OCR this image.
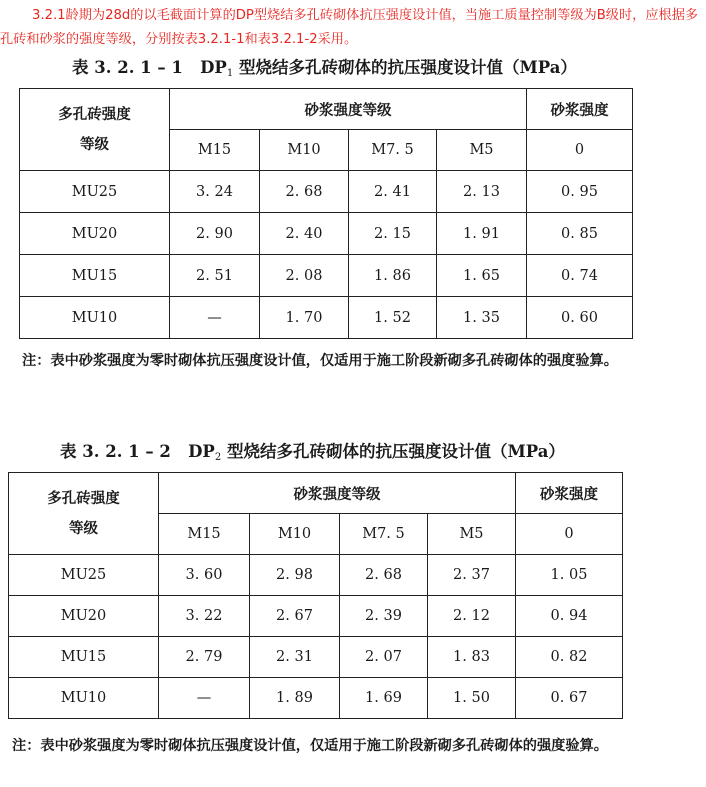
3.2.1龄期为28d的以毛截面计算的DP型烧结多孔砖砌体抗压强度设计值，当施工质量控制等级为B级时，应根据多孔砖和砂浆的强度等级，分别按表3.2.1-1和表3.2.1-2采用。
表 3. 2. 1 – 1 $DP_1$ 型烧结多孔砖砌体的抗压强度设计值（MPa）
多孔砖强度
等级	砂浆强度等级				砂浆强度
	M15	M10	M7. 5	M5	0
MU25	3. 24	2. 68	2. 41	2. 13	0. 95
MU20	2. 90	2. 40	2. 15	1. 91	0. 85
MU15	2. 51	2. 08	1. 86	1. 65	0. 74
MU10	—	1. 70	1. 52	1. 35	0. 60
注：表中砂浆强度为零时砌体抗压强度设计值，仅适用于施工阶段新砌多孔砖砌体的强度验算。
表 3. 2. 1 – 2 $DP_2$ 型烧结多孔砖砌体的抗压强度设计值（MPa）
多孔砖强度
等级	砂浆强度等级				砂浆强度
	M15	M10	M7. 5	M5	0
MU25	3. 60	2. 98	2. 68	2. 37	1. 05
MU20	3. 22	2. 67	2. 39	2. 12	0. 94
MU15	2. 79	2. 31	2. 07	1. 83	0. 82
MU10	—	1. 89	1. 69	1. 50	0. 67
注：表中砂浆强度为零时砌体抗压强度设计值，仅适用于施工阶段新砌多孔砖砌体的强度验算。
